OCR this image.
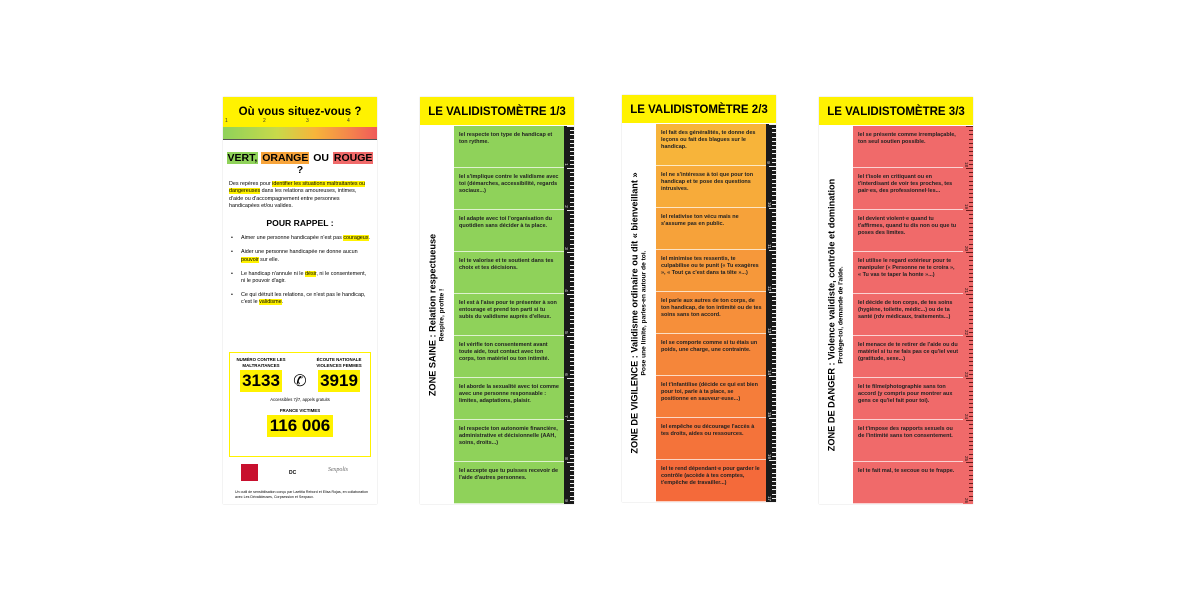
Où vous situez-vous ?
1	2	3	4
VERT, ORANGE OU ROUGE ?
Des repères pour identifier les situations maltraitantes ou dangereuses dans les relations amoureuses, intimes, d'aide ou d'accompagnement entre personnes handicapées et/ou valides.
POUR RAPPEL :
• Aimer une personne handicapée n'est pas courageux.
• Aider une personne handicapée ne donne aucun pouvoir sur elle.
• Le handicap n'annule ni le désir, ni le consentement, ni le pouvoir d'agir.
• Ce qui détruit les relations, ce n'est pas le handicap, c'est le validisme.
NUMÉRO CONTRE LES MALTRAITANCES
3133 ✆
ÉCOUTE NATIONALE VIOLENCES FEMMES
3919
Accessibles 7j/7, appels gratuits
FRANCE VICTIMES
116 006
DC	Sexpolis
Un outil de sensibilisation conçu par Laetitia Rebord et Elisa Rojas, en collaboration avec Les Dévalideuses, Corpsession et Sexpaux.
LE VALIDISTOMÈTRE 1/3
ZONE SAINE : Relation respectueuse Respire, profite !
Iel respecte ton type de handicap et ton rythme.
Iel s'implique contre le validisme avec toi (démarches, accessibilité, regards sociaux...)
Iel adapte avec toi l'organisation du quotidien sans décider à ta place.
Iel te valorise et te soutient dans tes choix et tes décisions.
Iel est à l'aise pour te présenter à son entourage et prend ton parti si tu subis du validisme auprès d'elleux.
Iel vérifie ton consentement avant toute aide, tout contact avec ton corps, ton matériel ou ton intimité.
Iel aborde la sexualité avec toi comme avec une personne responsable : limites, adaptations, plaisir.
Iel respecte ton autonomie financière, administrative et décisionnelle (AAH, soins, droits...)
Iel accepte que tu puisses recevoir de l'aide d'autres personnes.
1
2
3
4
5
6
7
8
9
LE VALIDISTOMÈTRE 2/3
ZONE DE VIGILENCE : Validisme ordinaire ou dit « bienveillant » Pose une limite, parles-en autour de toi.
Iel fait des généralités, te donne des leçons ou fait des blagues sur le handicap.
Iel ne s'intéresse à toi que pour ton handicap et te pose des questions intrusives.
Iel relativise ton vécu mais ne s'assume pas en public.
Iel minimise tes ressentis, te culpabilise ou te punit (« Tu exagères », « Tout ça c'est dans ta tête »...)
Iel parle aux autres de ton corps, de ton handicap, de ton intimité ou de tes soins sans ton accord.
Iel se comporte comme si tu étais un poids, une charge, une contrainte.
Iel t'infantilise (décide ce qui est bien pour toi, parle à ta place, se positionne en sauveur·euse...)
Iel empêche ou décourage l'accès à tes droits, aides ou ressources.
Iel te rend dépendant·e pour garder le contrôle (accède à tes comptes, t'empêche de travailler...)
9
10
11
12
13
14
15
16
17
LE VALIDISTOMÈTRE 3/3
ZONE DE DANGER : Violence validiste, contrôle et domination Protège-toi, demande de l'aide.
Iel se présente comme irremplaçable, ton seul soutien possible.
Iel t'isole en critiquant ou en t'interdisant de voir tes proches, tes pair·es, des professionnel·les...
Iel devient violent·e quand tu t'affirmes, quand tu dis non ou que tu poses des limites.
Iel utilise le regard extérieur pour te manipuler (« Personne ne te croira », « Tu vas te taper la honte »...)
Iel décide de ton corps, de tes soins (hygiène, toilette, médic...) ou de ta santé (rdv médicaux, traitements...)
Iel menace de te retirer de l'aide ou du matériel si tu ne fais pas ce qu'iel veut (gratitude, sexe...)
Iel te filme/photographie sans ton accord (y compris pour montrer aux gens ce qu'iel fait pour toi).
Iel t'impose des rapports sexuels ou de l'intimité sans ton consentement.
Iel te fait mal, te secoue ou te frappe.
18
19
20
21
22
23
24
25
26
